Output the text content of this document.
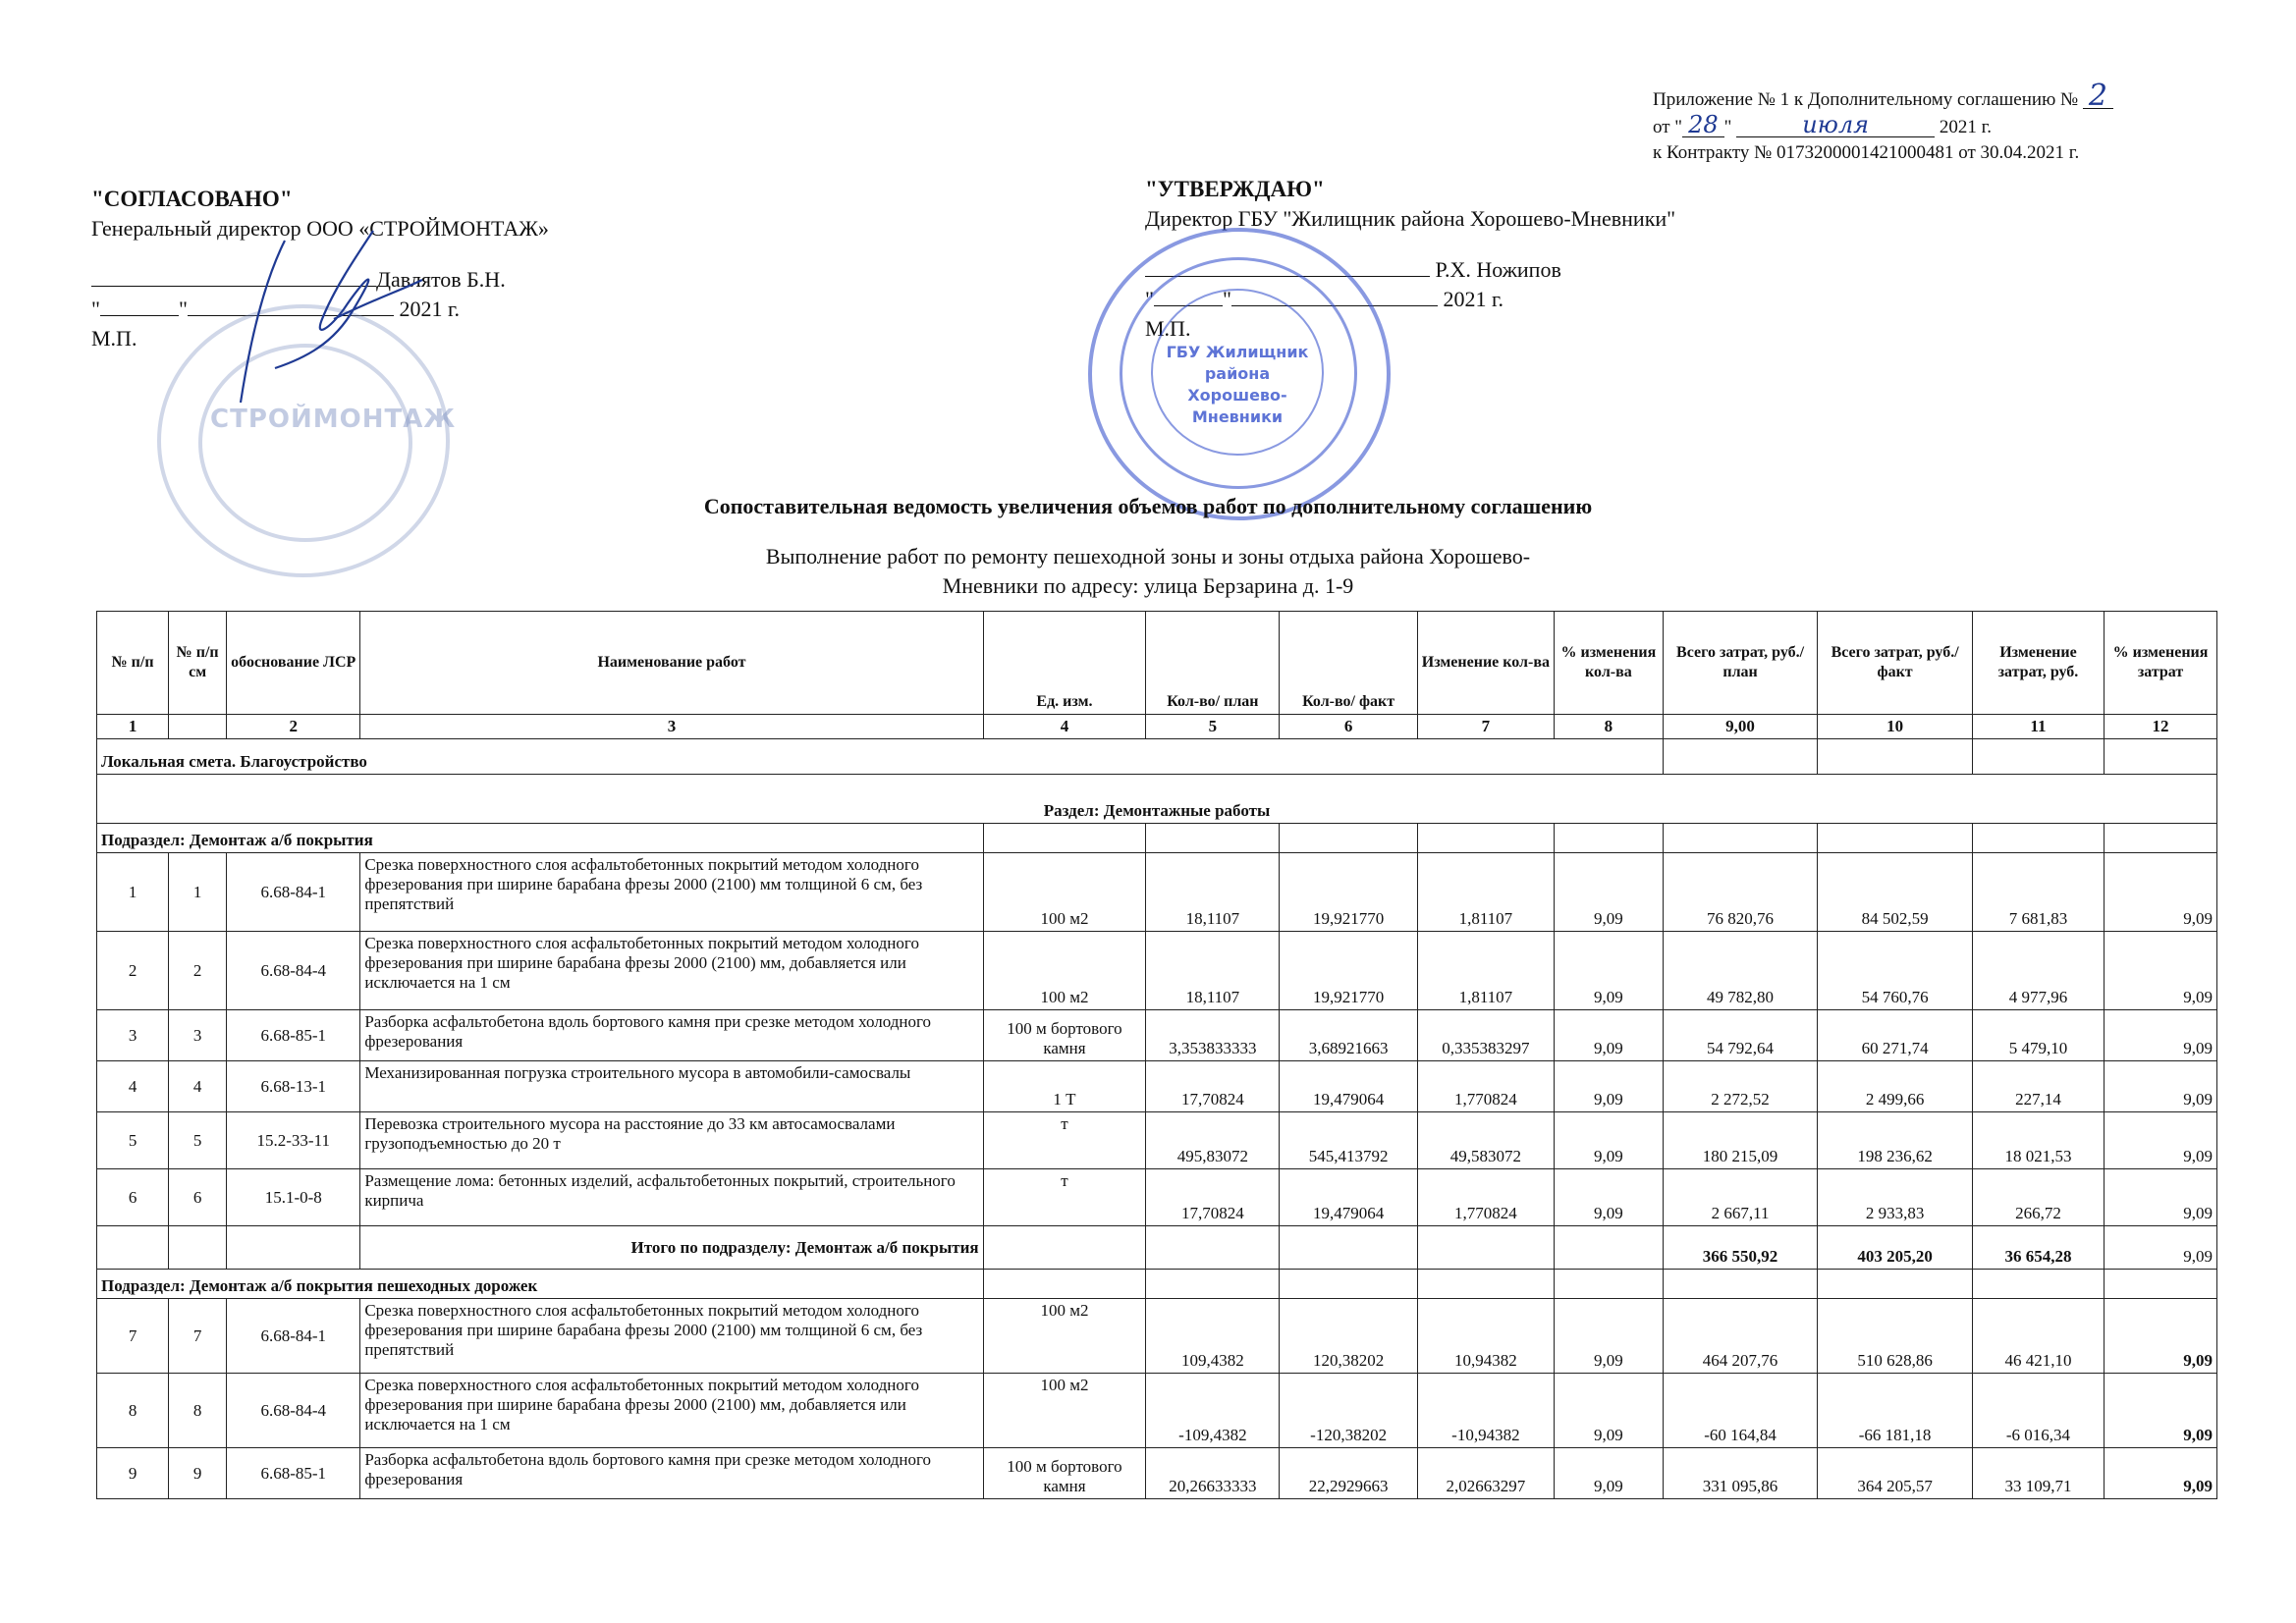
Приложение № 1 к Дополнительному соглашению № 2
от " 28 "	июля	2021 г.
к Контракту № 0173200001421000481 от 30.04.2021 г.
"СОГЛАСОВАНО"
Генеральный директор ООО «СТРОЙМОНТАЖ»
Давлятов Б.Н.
"	"	2021 г.
М.П.
СТРОЙМОНТАЖ
"УТВЕРЖДАЮ"
Директор ГБУ "Жилищник района Хорошево-Мневники"
Р.Х. Ножипов
"	"	2021 г.
М.П.
ГБУ Жилищник района Хорошево-Мневники
Сопоставительная ведомость увеличения объемов работ по дополнительному соглашению
Выполнение работ по ремонту пешеходной зоны и зоны отдыха района Хорошево-
Мневники по адресу: улица Берзарина д. 1-9
№ п/п	№ п/п см	обоснование ЛСР	Наименование работ	Ед. изм.	Кол-во/ план	Кол-во/ факт	Изменение кол-ва	% изменения кол-ва	Всего затрат, руб./ план	Всего затрат, руб./ факт	Изменение затрат, руб.	% изменения затрат
1		2	3	4	5	6	7	8	9,00	10	11	12
Локальная смета. Благоустройство												
Раздел: Демонтажные работы												
Подраздел: Демонтаж а/б покрытия												
1	1	6.68-84-1	Срезка поверхностного слоя асфальтобетонных покрытий методом холодного фрезерования при ширине барабана фрезы 2000 (2100) мм толщиной 6 см, без препятствий	100 м2	18,1107	19,921770	1,81107	9,09	76 820,76	84 502,59	7 681,83	9,09
2	2	6.68-84-4	Срезка поверхностного слоя асфальтобетонных покрытий методом холодного фрезерования при ширине барабана фрезы 2000 (2100) мм, добавляется или исключается на 1 см	100 м2	18,1107	19,921770	1,81107	9,09	49 782,80	54 760,76	4 977,96	9,09
3	3	6.68-85-1	Разборка асфальтобетона вдоль бортового камня при срезке методом холодного фрезерования	100 м бортового камня	3,353833333	3,68921663	0,335383297	9,09	54 792,64	60 271,74	5 479,10	9,09
4	4	6.68-13-1	Механизированная погрузка строительного мусора в автомобили-самосвалы	1 Т	17,70824	19,479064	1,770824	9,09	2 272,52	2 499,66	227,14	9,09
5	5	15.2-33-11	Перевозка строительного мусора на расстояние до 33 км автосамосвалами грузоподъемностью до 20 т	т	495,83072	545,413792	49,583072	9,09	180 215,09	198 236,62	18 021,53	9,09
6	6	15.1-0-8	Размещение лома: бетонных изделий, асфальтобетонных покрытий, строительного кирпича	т	17,70824	19,479064	1,770824	9,09	2 667,11	2 933,83	266,72	9,09
			Итого по подразделу: Демонтаж а/б покрытия						366 550,92	403 205,20	36 654,28	9,09
Подраздел: Демонтаж а/б покрытия пешеходных дорожек												
7	7	6.68-84-1	Срезка поверхностного слоя асфальтобетонных покрытий методом холодного фрезерования при ширине барабана фрезы 2000 (2100) мм толщиной 6 см, без препятствий	100 м2	109,4382	120,38202	10,94382	9,09	464 207,76	510 628,86	46 421,10	9,09
8	8	6.68-84-4	Срезка поверхностного слоя асфальтобетонных покрытий методом холодного фрезерования при ширине барабана фрезы 2000 (2100) мм, добавляется или исключается на 1 см	100 м2	-109,4382	-120,38202	-10,94382	9,09	-60 164,84	-66 181,18	-6 016,34	9,09
9	9	6.68-85-1	Разборка асфальтобетона вдоль бортового камня при срезке методом холодного фрезерования	100 м бортового камня	20,26633333	22,2929663	2,02663297	9,09	331 095,86	364 205,57	33 109,71	9,09
